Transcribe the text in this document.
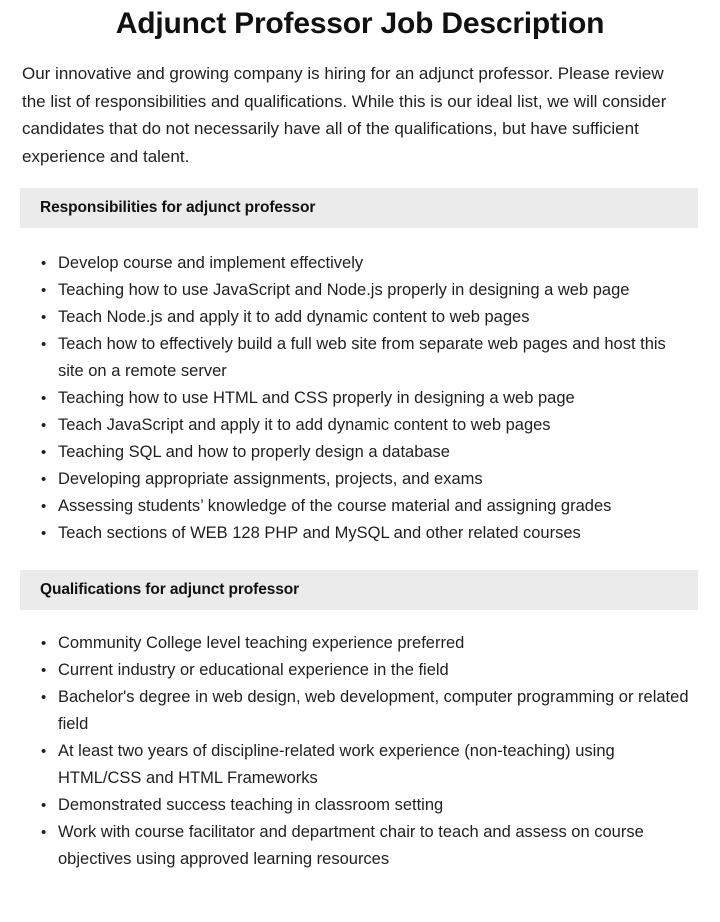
Adjunct Professor Job Description

Our innovative and growing company is hiring for an adjunct professor. Please review the list of responsibilities and qualifications. While this is our ideal list, we will consider candidates that do not necessarily have all of the qualifications, but have sufficient experience and talent.

Responsibilities for adjunct professor
• Develop course and implement effectively
• Teaching how to use JavaScript and Node.js properly in designing a web page
• Teach Node.js and apply it to add dynamic content to web pages
• Teach how to effectively build a full web site from separate web pages and host this site on a remote server
• Teaching how to use HTML and CSS properly in designing a web page
• Teach JavaScript and apply it to add dynamic content to web pages
• Teaching SQL and how to properly design a database
• Developing appropriate assignments, projects, and exams
• Assessing students’ knowledge of the course material and assigning grades
• Teach sections of WEB 128 PHP and MySQL and other related courses
Qualifications for adjunct professor
• Community College level teaching experience preferred
• Current industry or educational experience in the field
• Bachelor's degree in web design, web development, computer programming or related field
• At least two years of discipline-related work experience (non-teaching) using HTML/CSS and HTML Frameworks
• Demonstrated success teaching in classroom setting
• Work with course facilitator and department chair to teach and assess on course objectives using approved learning resources
